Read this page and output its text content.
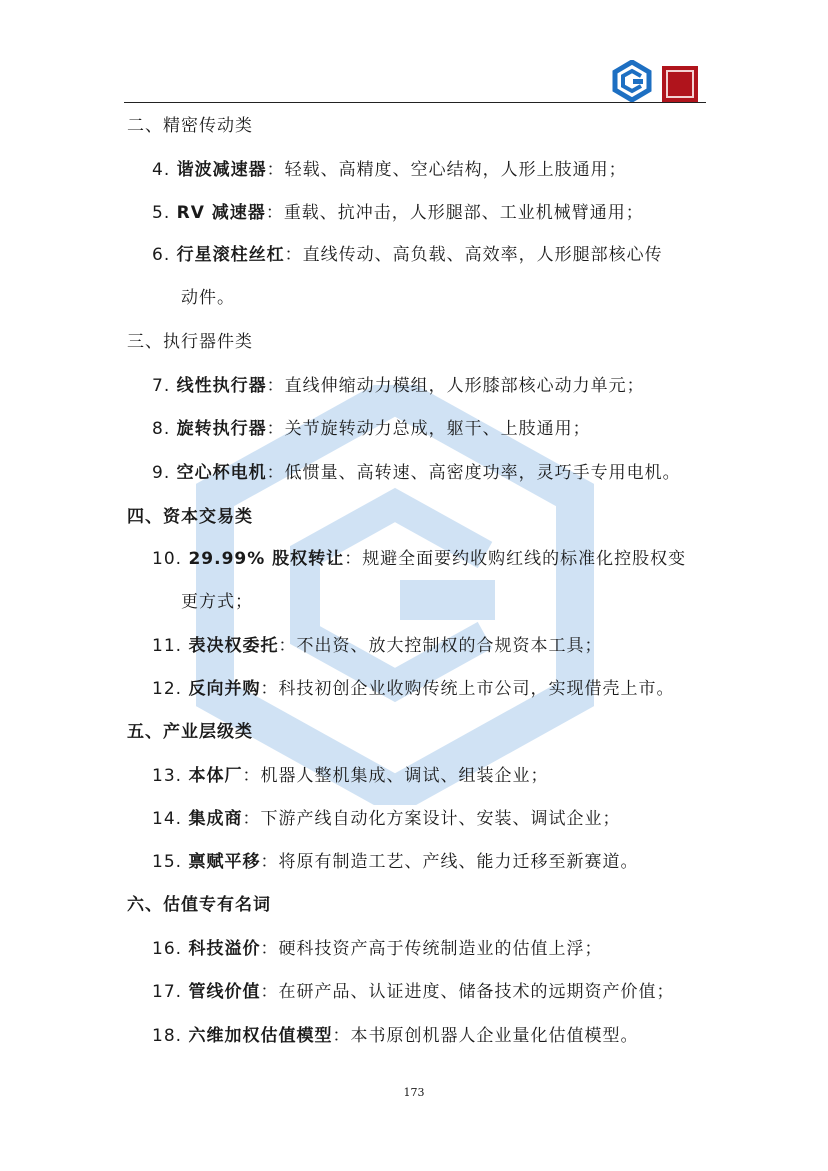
二、精密传动类
4. 谐波减速器：轻载、高精度、空心结构，人形上肢通用；
5. RV 减速器：重载、抗冲击，人形腿部、工业机械臂通用；
6. 行星滚柱丝杠：直线传动、高负载、高效率，人形腿部核心传
动件。
三、执行器件类
7. 线性执行器：直线伸缩动力模组，人形膝部核心动力单元；
8. 旋转执行器：关节旋转动力总成，躯干、上肢通用；
9. 空心杯电机：低惯量、高转速、高密度功率，灵巧手专用电机。
四、资本交易类
10. 29.99% 股权转让：规避全面要约收购红线的标准化控股权变
更方式；
11. 表决权委托：不出资、放大控制权的合规资本工具；
12. 反向并购：科技初创企业收购传统上市公司，实现借壳上市。
五、产业层级类
13. 本体厂：机器人整机集成、调试、组装企业；
14. 集成商：下游产线自动化方案设计、安装、调试企业；
15. 禀赋平移：将原有制造工艺、产线、能力迁移至新赛道。
六、估值专有名词
16. 科技溢价：硬科技资产高于传统制造业的估值上浮；
17. 管线价值：在研产品、认证进度、储备技术的远期资产价值；
18. 六维加权估值模型：本书原创机器人企业量化估值模型。
173
